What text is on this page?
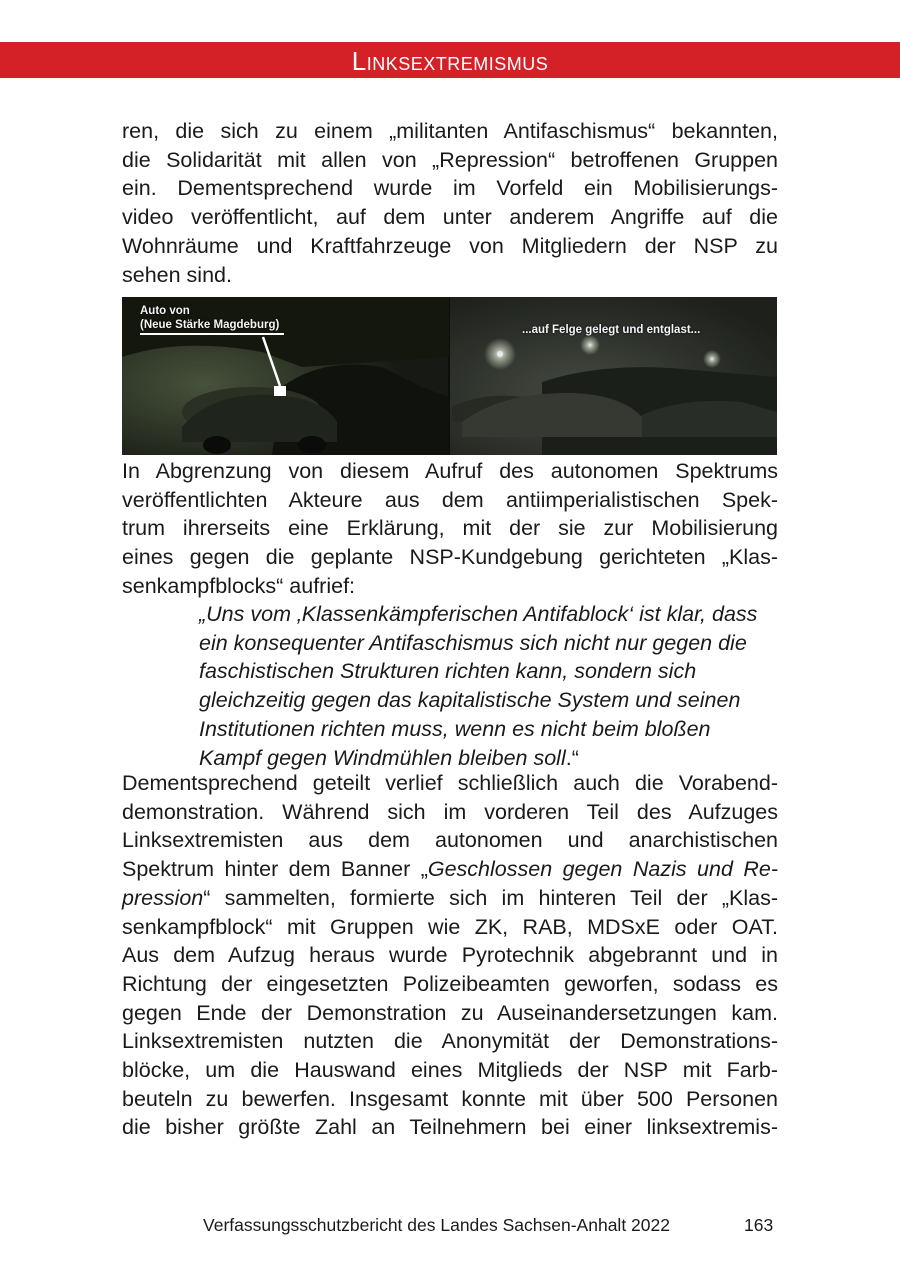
Linksextremismus
ren, die sich zu einem „militanten Antifaschismus“ bekannten,
die Solidarität mit allen von „Repression“ betroffenen Gruppen
ein. Dementsprechend wurde im Vorfeld ein Mobilisierungs-
video veröffentlicht, auf dem unter anderem Angriffe auf die
Wohnräume und Kraftfahrzeuge von Mitgliedern der NSP zu
sehen sind.
Auto von
(Neue Stärke Magdeburg)	...auf Felge gelegt und entglast...
In Abgrenzung von diesem Aufruf des autonomen Spektrums
veröffentlichten Akteure aus dem antiimperialistischen Spek-
trum ihrerseits eine Erklärung, mit der sie zur Mobilisierung
eines gegen die geplante NSP-Kundgebung gerichteten „Klas-
senkampfblocks“ aufrief:
„Uns vom ‚Klassenkämpferischen Antifablock‘ ist klar, dass
ein konsequenter Antifaschismus sich nicht nur gegen die
faschistischen Strukturen richten kann, sondern sich
gleichzeitig gegen das kapitalistische System und seinen
Institutionen richten muss, wenn es nicht beim bloßen
Kampf gegen Windmühlen bleiben soll.“
Dementsprechend geteilt verlief schließlich auch die Vorabend-
demonstration. Während sich im vorderen Teil des Aufzuges
Linksextremisten aus dem autonomen und anarchistischen
Spektrum hinter dem Banner „Geschlossen gegen Nazis und Re-
pression“ sammelten, formierte sich im hinteren Teil der „Klas-
senkampfblock“ mit Gruppen wie ZK, RAB, MDSxE oder OAT.
Aus dem Aufzug heraus wurde Pyrotechnik abgebrannt und in
Richtung der eingesetzten Polizeibeamten geworfen, sodass es
gegen Ende der Demonstration zu Auseinandersetzungen kam.
Linksextremisten nutzten die Anonymität der Demonstrations-
blöcke, um die Hauswand eines Mitglieds der NSP mit Farb-
beuteln zu bewerfen. Insgesamt konnte mit über 500 Personen
die bisher größte Zahl an Teilnehmern bei einer linksextremis-
Verfassungsschutzbericht des Landes Sachsen-Anhalt 2022	163
